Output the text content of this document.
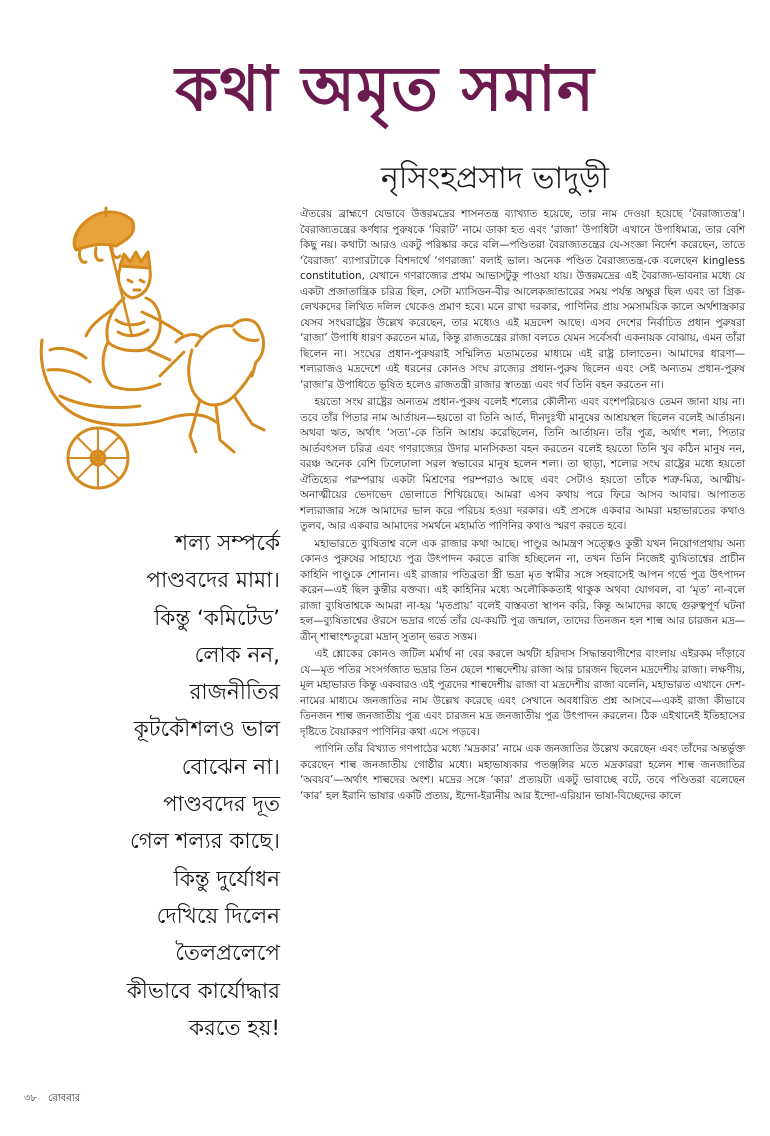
কথা অমৃত সমান
নৃসিংহপ্রসাদ ভাদুড়ী
শল্য সম্পর্কে
পাণ্ডবদের মামা।
কিন্তু ‘কমিটেড’
লোক নন,
রাজনীতির
কূটকৌশলও ভাল
বোঝেন না।
পাণ্ডবদের দূত
গেল শল্যর কাছে।
কিন্তু দুর্যোধন
দেখিয়ে দিলেন
তৈলপ্রলেপে
কীভাবে কার্যোদ্ধার
করতে হয়!

ঐতরেয় ব্রাহ্মণে যেভাবে উত্তরমদ্রের শাসনতন্ত্র ব্যাখ্যাত হয়েছে, তার নাম দেওয়া হয়েছে ‘বৈরাজ্যতন্ত্র’। বৈরাজ্যতন্ত্রের কর্ণধার পুরুষকে ‘বিরাট’ নামে ডাকা হত এবং ‘রাজা’ উপাধিটা এখানে উপাধিমাত্র, তার বেশি কিছু নয়। কথাটা আরও একটু পরিষ্কার করে বলি—পণ্ডিতরা বৈরাজ্যতন্ত্রের যে-সংজ্ঞা নির্দেশ করেছেন, তাতে ‘বৈরাজ্য’ ব্যাপারটাকে বিশদার্থে ‘গণরাজ্য’ বলাই ভাল। অনেক পণ্ডিত বৈরাজ্যতন্ত্র-কে বলেছেন kingless constitution, যেখানে গণরাজ্যের প্রথম আভাসটুকু পাওয়া যায়। উত্তরমদ্রের এই বৈরাজ্য-ভাবনার মধ্যে যে একটা প্রজাতান্ত্রিক চরিত্র ছিল, সেটা ম্যাসিডন-বীর আলেকজান্ডারের সময় পর্যন্ত অক্ষুণ্ণ ছিল এবং তা গ্রিক-লেখকদের লিখিত দলিল থেকেও প্রমাণ হবে। মনে রাখা দরকার, পাণিনির প্রায় সমসাময়িক কালে অর্থশাস্ত্রকার যেসব সংঘরাষ্ট্রের উল্লেখ করেছেন, তার মধ্যেও এই মদ্রদেশ আছে। এসব দেশের নির্বাচিত প্রধান পুরুষরা ‘রাজা’ উপাধি ধারণ করতেন মাত্র, কিন্তু রাজতন্ত্রের রাজা বলতে যেমন সর্বেসর্বা একনায়ক বোঝায়, এমন তাঁরা ছিলেন না। সংঘের প্রধান-পুরুষরাই সম্মিলিত মতামতের মাধ্যমে এই রাষ্ট্র চালাতেন। আমাদের ধারণা—শল্যরাজও মদ্রদেশে এই ধরনের কোনও সংঘ রাজ্যের প্রধান-পুরুষ ছিলেন এবং সেই অন্যতম প্রধান-পুরুষ ‘রাজা’র উপাধিতে ভূষিত হলেও রাজতন্ত্রী রাজার স্বাতন্ত্র্য এবং গর্ব তিনি বহন করতেন না।

হয়তো সংঘ রাষ্ট্রের অন্যতম প্রধান-পুরুষ বলেই শল্যের কৌলীন্য এবং বংশপরিচয়ও তেমন জানা যায় না। তবে তাঁর পিতার নাম আর্তায়ন—হয়তো বা তিনি আর্ত, দীনদুঃখী মানুষের আশ্রয়স্থল ছিলেন বলেই আর্তায়ন। অথবা ঋত, অর্থাৎ ‘সত্য’-কে তিনি আশ্রয় করেছিলেন, তিনি আর্তায়ন। তাঁর পুত্র, অর্থাৎ শল্য, পিতার আর্তবৎসল চরিত্র এবং গণরাজ্যের উদার মানসিকতা বহন করতেন বলেই হয়তো তিনি খুব কঠিন মানুষ নন, বরঞ্চ অনেক বেশি ঢিলেঢালা সরল স্বভাবের মানুষ হলেন শল্য। তা ছাড়া, শল্যের সংঘ রাষ্ট্রের মধ্যে হয়তো ঐতিহ্যের পরম্পরায় একটা মিশ্রণের পরম্পরাও আছে এবং সেটাও হয়তো তাঁকে শত্রু-মিত্র, আত্মীয়-অনাত্মীয়ের ভেদাভেদ ভোলাতে শিখিয়েছে। আমরা এসব কথায় পরে ফিরে আসব আবার। আপাতত শল্যরাজার সঙ্গে আমাদের ভাল করে পরিচয় হওয়া দরকার। এই প্রসঙ্গে একবার আমরা মহাভারতের কথাও তুলব, আর একবার আমাদের সমর্থনে মহামতি পাণিনির কথাও স্মরণ করতে হবে।

মহাভারতে ব্যুষিতাশ্ব বলে এক রাজার কথা আছে। পাণ্ডুর আমন্ত্রণ সত্ত্বেও কুন্তী যখন নিয়োগপ্রথায় অন্য কোনও পুরুষের সাহায্যে পুত্র উৎপাদন করতে রাজি হচ্ছিলেন না, তখন তিনি নিজেই ব্যুষিতাশ্বের প্রাচীন কাহিনি পাণ্ডুকে শোনান। এই রাজার পতিব্রতা স্ত্রী ভদ্রা মৃত স্বামীর সঙ্গে সহবাসেই আপন গর্ভে পুত্র উৎপাদন করেন—এই ছিল কুন্তীর বক্তব্য। এই কাহিনির মধ্যে অলৌকিকতাই থাকুক অথবা যোগবল, বা ‘মৃত’ না-বলে রাজা ব্যুষিতাশ্বকে আমরা না-হয় ‘মৃতপ্রায়’ বলেই বাস্তবতা স্থাপন করি, কিন্তু আমাদের কাছে গুরুত্বপূর্ণ ঘটনা হল—ব্যুষিতাশ্বের ঔরসে ভদ্রার গর্ভে তাঁর যে-কয়টি পুত্র জন্মাল, তাদের তিনজন হল শাল্ব আর চারজন মদ্র—ত্রীন্ শাল্বাংশ্চতুরো মদ্রান্ সুতান্ ভরত সত্তম।

এই শ্লোকের কোনও জটিল মর্মার্থ না বের করলে অর্থটা হরিদাস সিদ্ধান্তবাগীশের বাংলায় এইরকম দাঁড়াবে যে—মৃত পতির সংসর্গজাত ভদ্রার তিন ছেলে শাল্বদেশীয় রাজা আর চারজন ছিলেন মদ্রদেশীয় রাজা। লক্ষণীয়, মূল মহাভারত কিন্তু একবারও এই পুত্রদের শাল্বদেশীয় রাজা বা মদ্রদেশীয় রাজা বলেনি, মহাভারত এখানে দেশ-নামের মাধ্যমে জনজাতির নাম উল্লেখ করেছে এবং সেখানে অবধারিত প্রশ্ন আসবে—একই রাজা কীভাবে তিনজন শাল্ব জনজাতীয় পুত্র এবং চারজন মদ্র জনজাতীয় পুত্র উৎপাদন করলেন। ঠিক এইখানেই ইতিহাসের দৃষ্টিতে বৈয়াকরণ পাণিনির কথা এসে পড়বে।

পাণিনি তাঁর বিখ্যাত গণপাঠের মধ্যে ‘মদ্রকার’ নামে এক জনজাতির উল্লেখ করেছেন এবং তাঁদের অন্তর্ভুক্ত করেছেন শাল্ব জনজাতীয় গোষ্ঠীর মধ্যে। মহাভাষ্যকার পতঞ্জলির মতে মদ্রকাররা হলেন শাল্ব জনজাতির ‘অবয়ব’—অর্থাৎ শাল্বদের অংশ। মদ্রের সঙ্গে ‘কার’ প্রত্যয়টা একটু ভাবাচ্ছে বটে, তবে পণ্ডিতরা বলেছেন ‘কার’ হল ইরানি ভাষার একটি প্রত্যয়, ইন্দো-ইরানীয় আর ইন্দো-এরিয়ান ভাষা-বিচ্ছেদের কালে

৩৮ রোববার
